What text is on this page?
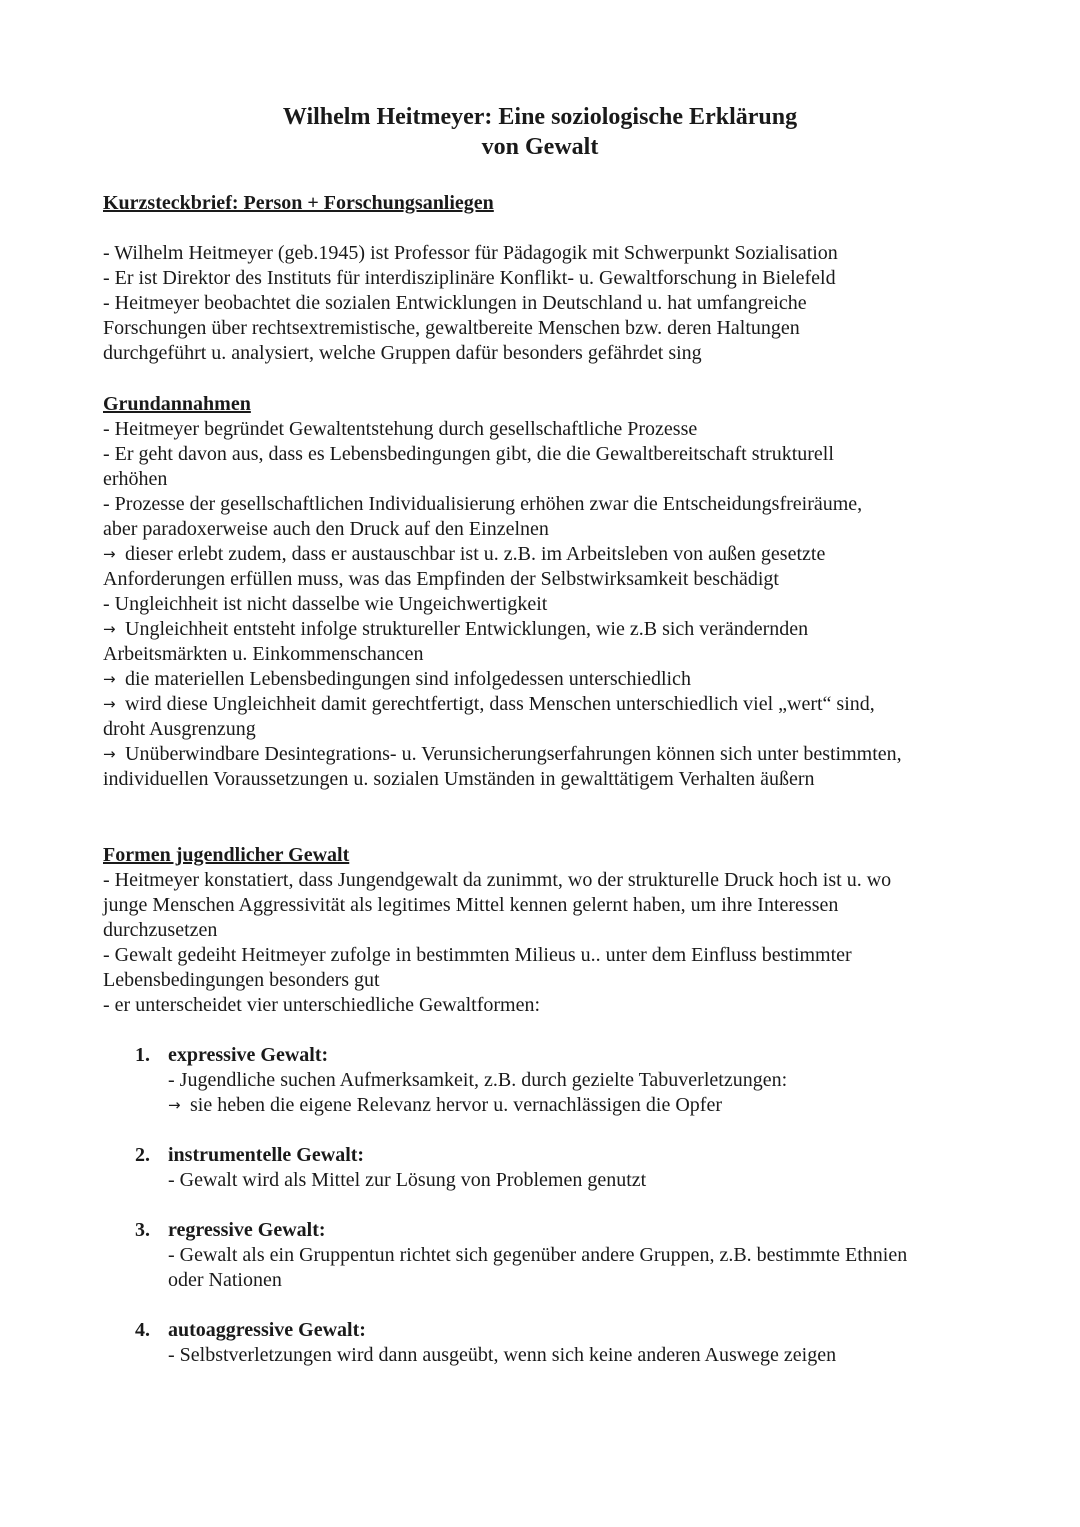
Wilhelm Heitmeyer: Eine soziologische Erklärung
von Gewalt
Kurzsteckbrief: Person + Forschungsanliegen
- Wilhelm Heitmeyer (geb.1945) ist Professor für Pädagogik mit Schwerpunkt Sozialisation
- Er ist Direktor des Instituts für interdisziplinäre Konflikt- u. Gewaltforschung in Bielefeld
- Heitmeyer beobachtet die sozialen Entwicklungen in Deutschland u. hat umfangreiche
Forschungen über rechtsextremistische, gewaltbereite Menschen bzw. deren Haltungen
durchgeführt u. analysiert, welche Gruppen dafür besonders gefährdet sing
Grundannahmen
- Heitmeyer begründet Gewaltentstehung durch gesellschaftliche Prozesse
- Er geht davon aus, dass es Lebensbedingungen gibt, die die Gewaltbereitschaft strukturell
erhöhen
- Prozesse der gesellschaftlichen Individualisierung erhöhen zwar die Entscheidungsfreiräume,
aber paradoxerweise auch den Druck auf den Einzelnen
→ dieser erlebt zudem, dass er austauschbar ist u. z.B. im Arbeitsleben von außen gesetzte
Anforderungen erfüllen muss, was das Empfinden der Selbstwirksamkeit beschädigt
- Ungleichheit ist nicht dasselbe wie Ungeichwertigkeit
→ Ungleichheit entsteht infolge struktureller Entwicklungen, wie z.B sich verändernden
Arbeitsmärkten u. Einkommenschancen
→ die materiellen Lebensbedingungen sind infolgedessen unterschiedlich
→ wird diese Ungleichheit damit gerechtfertigt, dass Menschen unterschiedlich viel „wert“ sind,
droht Ausgrenzung
→ Unüberwindbare Desintegrations- u. Verunsicherungserfahrungen können sich unter bestimmten,
individuellen Voraussetzungen u. sozialen Umständen in gewalttätigem Verhalten äußern
Formen jugendlicher Gewalt
- Heitmeyer konstatiert, dass Jungendgewalt da zunimmt, wo der strukturelle Druck hoch ist u. wo
junge Menschen Aggressivität als legitimes Mittel kennen gelernt haben, um ihre Interessen
durchzusetzen
- Gewalt gedeiht Heitmeyer zufolge in bestimmten Milieus u.. unter dem Einfluss bestimmter
Lebensbedingungen besonders gut
- er unterscheidet vier unterschiedliche Gewaltformen:
1. expressive Gewalt:
- Jugendliche suchen Aufmerksamkeit, z.B. durch gezielte Tabuverletzungen:
→ sie heben die eigene Relevanz hervor u. vernachlässigen die Opfer
2. instrumentelle Gewalt:
- Gewalt wird als Mittel zur Lösung von Problemen genutzt
3. regressive Gewalt:
- Gewalt als ein Gruppentun richtet sich gegenüber andere Gruppen, z.B. bestimmte Ethnien
oder Nationen
4. autoaggressive Gewalt:
- Selbstverletzungen wird dann ausgeübt, wenn sich keine anderen Auswege zeigen
